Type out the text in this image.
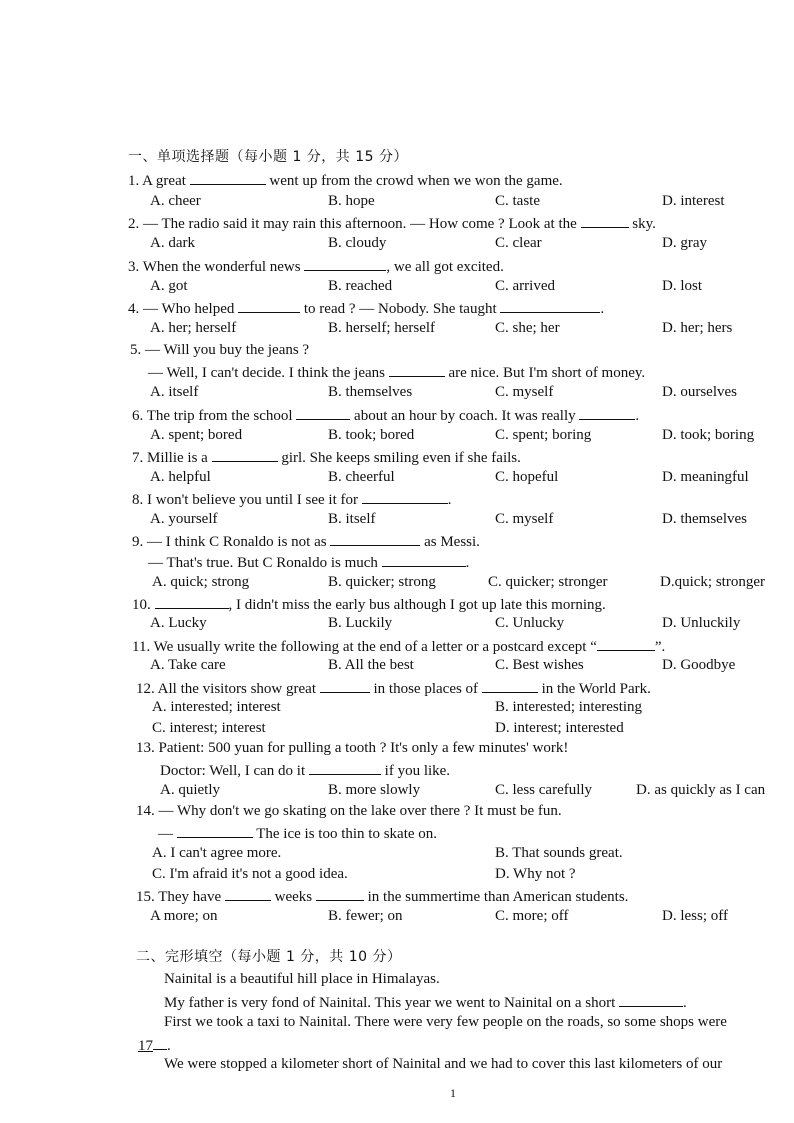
一、单项选择题（每小题 1 分，共 15 分）
1. A great	went up from the crowd when we won the game.
A. cheer	B. hope	C. taste	D. interest
2. — The radio said it may rain this afternoon. — How come ? Look at the	sky.
A. dark	B. cloudy	C. clear	D. gray
3. When the wonderful news	, we all got excited.
A. got	B. reached	C. arrived	D. lost
4. — Who helped	to read ? — Nobody. She taught	.
A. her; herself	B. herself; herself	C. she; her	D. her; hers
5. — Will you buy the jeans ?
— Well, I can't decide. I think the jeans	are nice. But I'm short of money.
A. itself	B. themselves	C. myself	D. ourselves
6. The trip from the school	about an hour by coach. It was really	.
A. spent; bored	B. took; bored	C. spent; boring	D. took; boring
7. Millie is a	girl. She keeps smiling even if she fails.
A. helpful	B. cheerful	C. hopeful	D. meaningful
8. I won't believe you until I see it for	.
A. yourself	B. itself	C. myself	D. themselves
9. — I think C Ronaldo is not as	as Messi.
— That's true. But C Ronaldo is much	.
A. quick; strong	B. quicker; strong	C. quicker; stronger	D.quick; stronger
10.	, I didn't miss the early bus although I got up late this morning.
A. Lucky	B. Luckily	C. Unlucky	D. Unluckily
11. We usually write the following at the end of a letter or a postcard except “	”.
A. Take care	B. All the best	C. Best wishes	D. Goodbye
12. All the visitors show great	in those places of	in the World Park.
A. interested; interest	B. interested; interesting
C. interest; interest	D. interest; interested
13. Patient: 500 yuan for pulling a tooth ? It's only a few minutes' work!
Doctor: Well, I can do it	if you like.
A. quietly	B. more slowly	C. less carefully	D. as quickly as I can
14. — Why don't we go skating on the lake over there ? It must be fun.
—	The ice is too thin to skate on.
A. I can't agree more.	B. That sounds great.
C. I'm afraid it's not a good idea.	D. Why not ?
15. They have	weeks	in the summertime than American students.
A more; on	B. fewer; on	C. more; off	D. less; off
二、完形填空（每小题 1 分，共 10 分）
Nainital is a beautiful hill place in Himalayas.
My father is very fond of Nainital. This year we went to Nainital on a short	.
First we took a taxi to Nainital. There were very few people on the roads, so some shops were
17 .
We were stopped a kilometer short of Nainital and we had to cover this last kilometers of our
1
